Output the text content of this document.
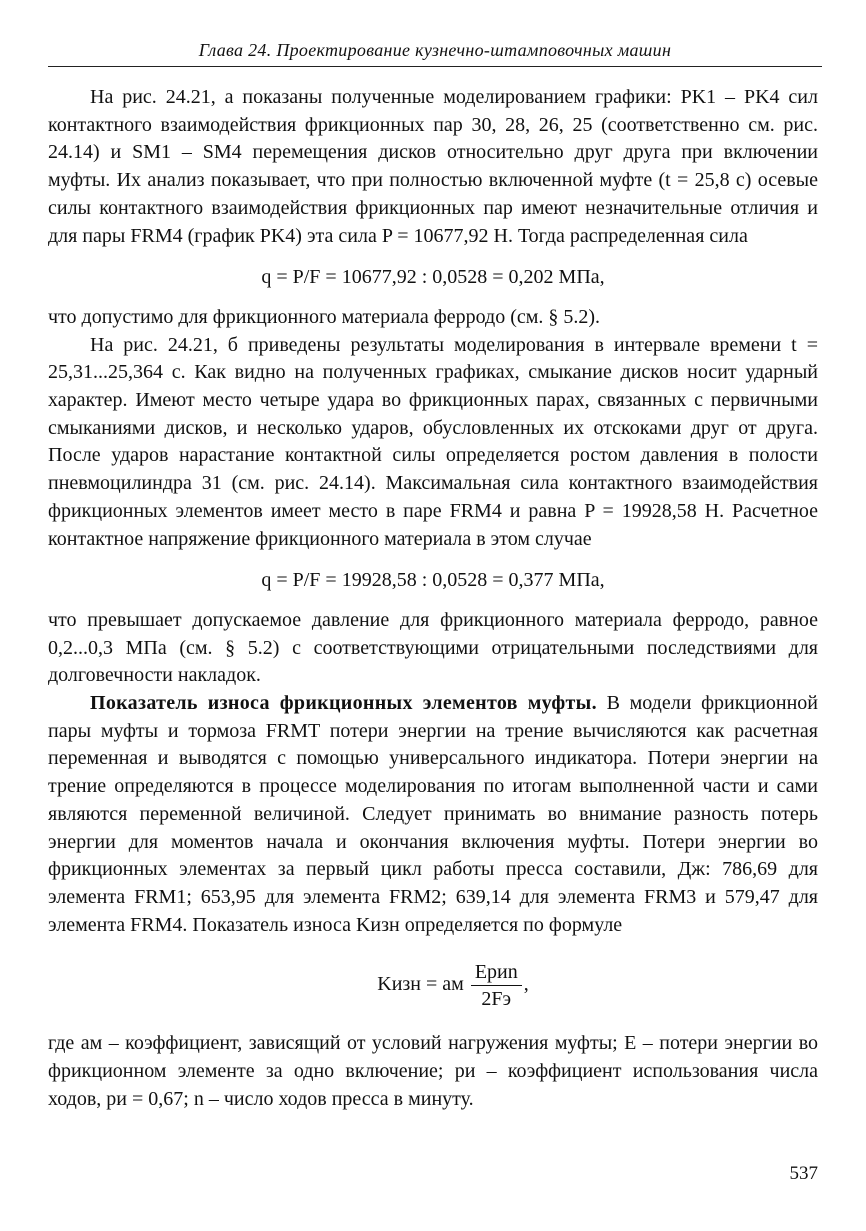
Глава 24. Проектирование кузнечно-штамповочных машин

На рис. 24.21, а показаны полученные моделированием графики: PK1 – PK4 сил контактного взаимодействия фрикционных пар 30, 28, 26, 25 (соответственно см. рис. 24.14) и SM1 – SM4 перемещения дисков относительно друг друга при включении муфты. Их анализ показывает, что при полностью включенной муфте (t = 25,8 с) осевые силы контактного взаимодействия фрикционных пар имеют незначительные отличия и для пары FRM4 (график PK4) эта сила P = 10677,92 Н. Тогда распределенная сила

q = P/F = 10677,92 : 0,0528 = 0,202 МПа,

что допустимо для фрикционного материала ферродо (см. § 5.2).

На рис. 24.21, б приведены результаты моделирования в интервале времени t = 25,31...25,364 с. Как видно на полученных графиках, смыкание дисков носит ударный характер. Имеют место четыре удара во фрикционных парах, связанных с первичными смыканиями дисков, и несколько ударов, обусловленных их отскоками друг от друга. После ударов нарастание контактной силы определяется ростом давления в полости пневмоцилиндра 31 (см. рис. 24.14). Максимальная сила контактного взаимодействия фрикционных элементов имеет место в паре FRM4 и равна P = 19928,58 Н. Расчетное контактное напряжение фрикционного материала в этом случае

q = P/F = 19928,58 : 0,0528 = 0,377 МПа,

что превышает допускаемое давление для фрикционного материала ферродо, равное 0,2...0,3 МПа (см. § 5.2) с соответствующими отрицательными последствиями для долговечности накладок.

Показатель износа фрикционных элементов муфты. В модели фрикционной пары муфты и тормоза FRMT потери энергии на трение вычисляются как расчетная переменная и выводятся с помощью универсального индикатора. Потери энергии на трение определяются в процессе моделирования по итогам выполненной части и сами являются переменной величиной. Следует принимать во внимание разность потерь энергии для моментов начала и окончания включения муфты. Потери энергии во фрикционных элементах за первый цикл работы пресса составили, Дж: 786,69 для элемента FRM1; 653,95 для элемента FRM2; 639,14 для элемента FRM3 и 579,47 для элемента FRM4. Показатель износа Kизн определяется по формуле

Kизн = aм
Epиn
2Fэ
,

где aм – коэффициент, зависящий от условий нагружения муфты; E – потери энергии во фрикционном элементе за одно включение; pи – коэффициент использования числа ходов, pи = 0,67; n – число ходов пресса в минуту.

537
